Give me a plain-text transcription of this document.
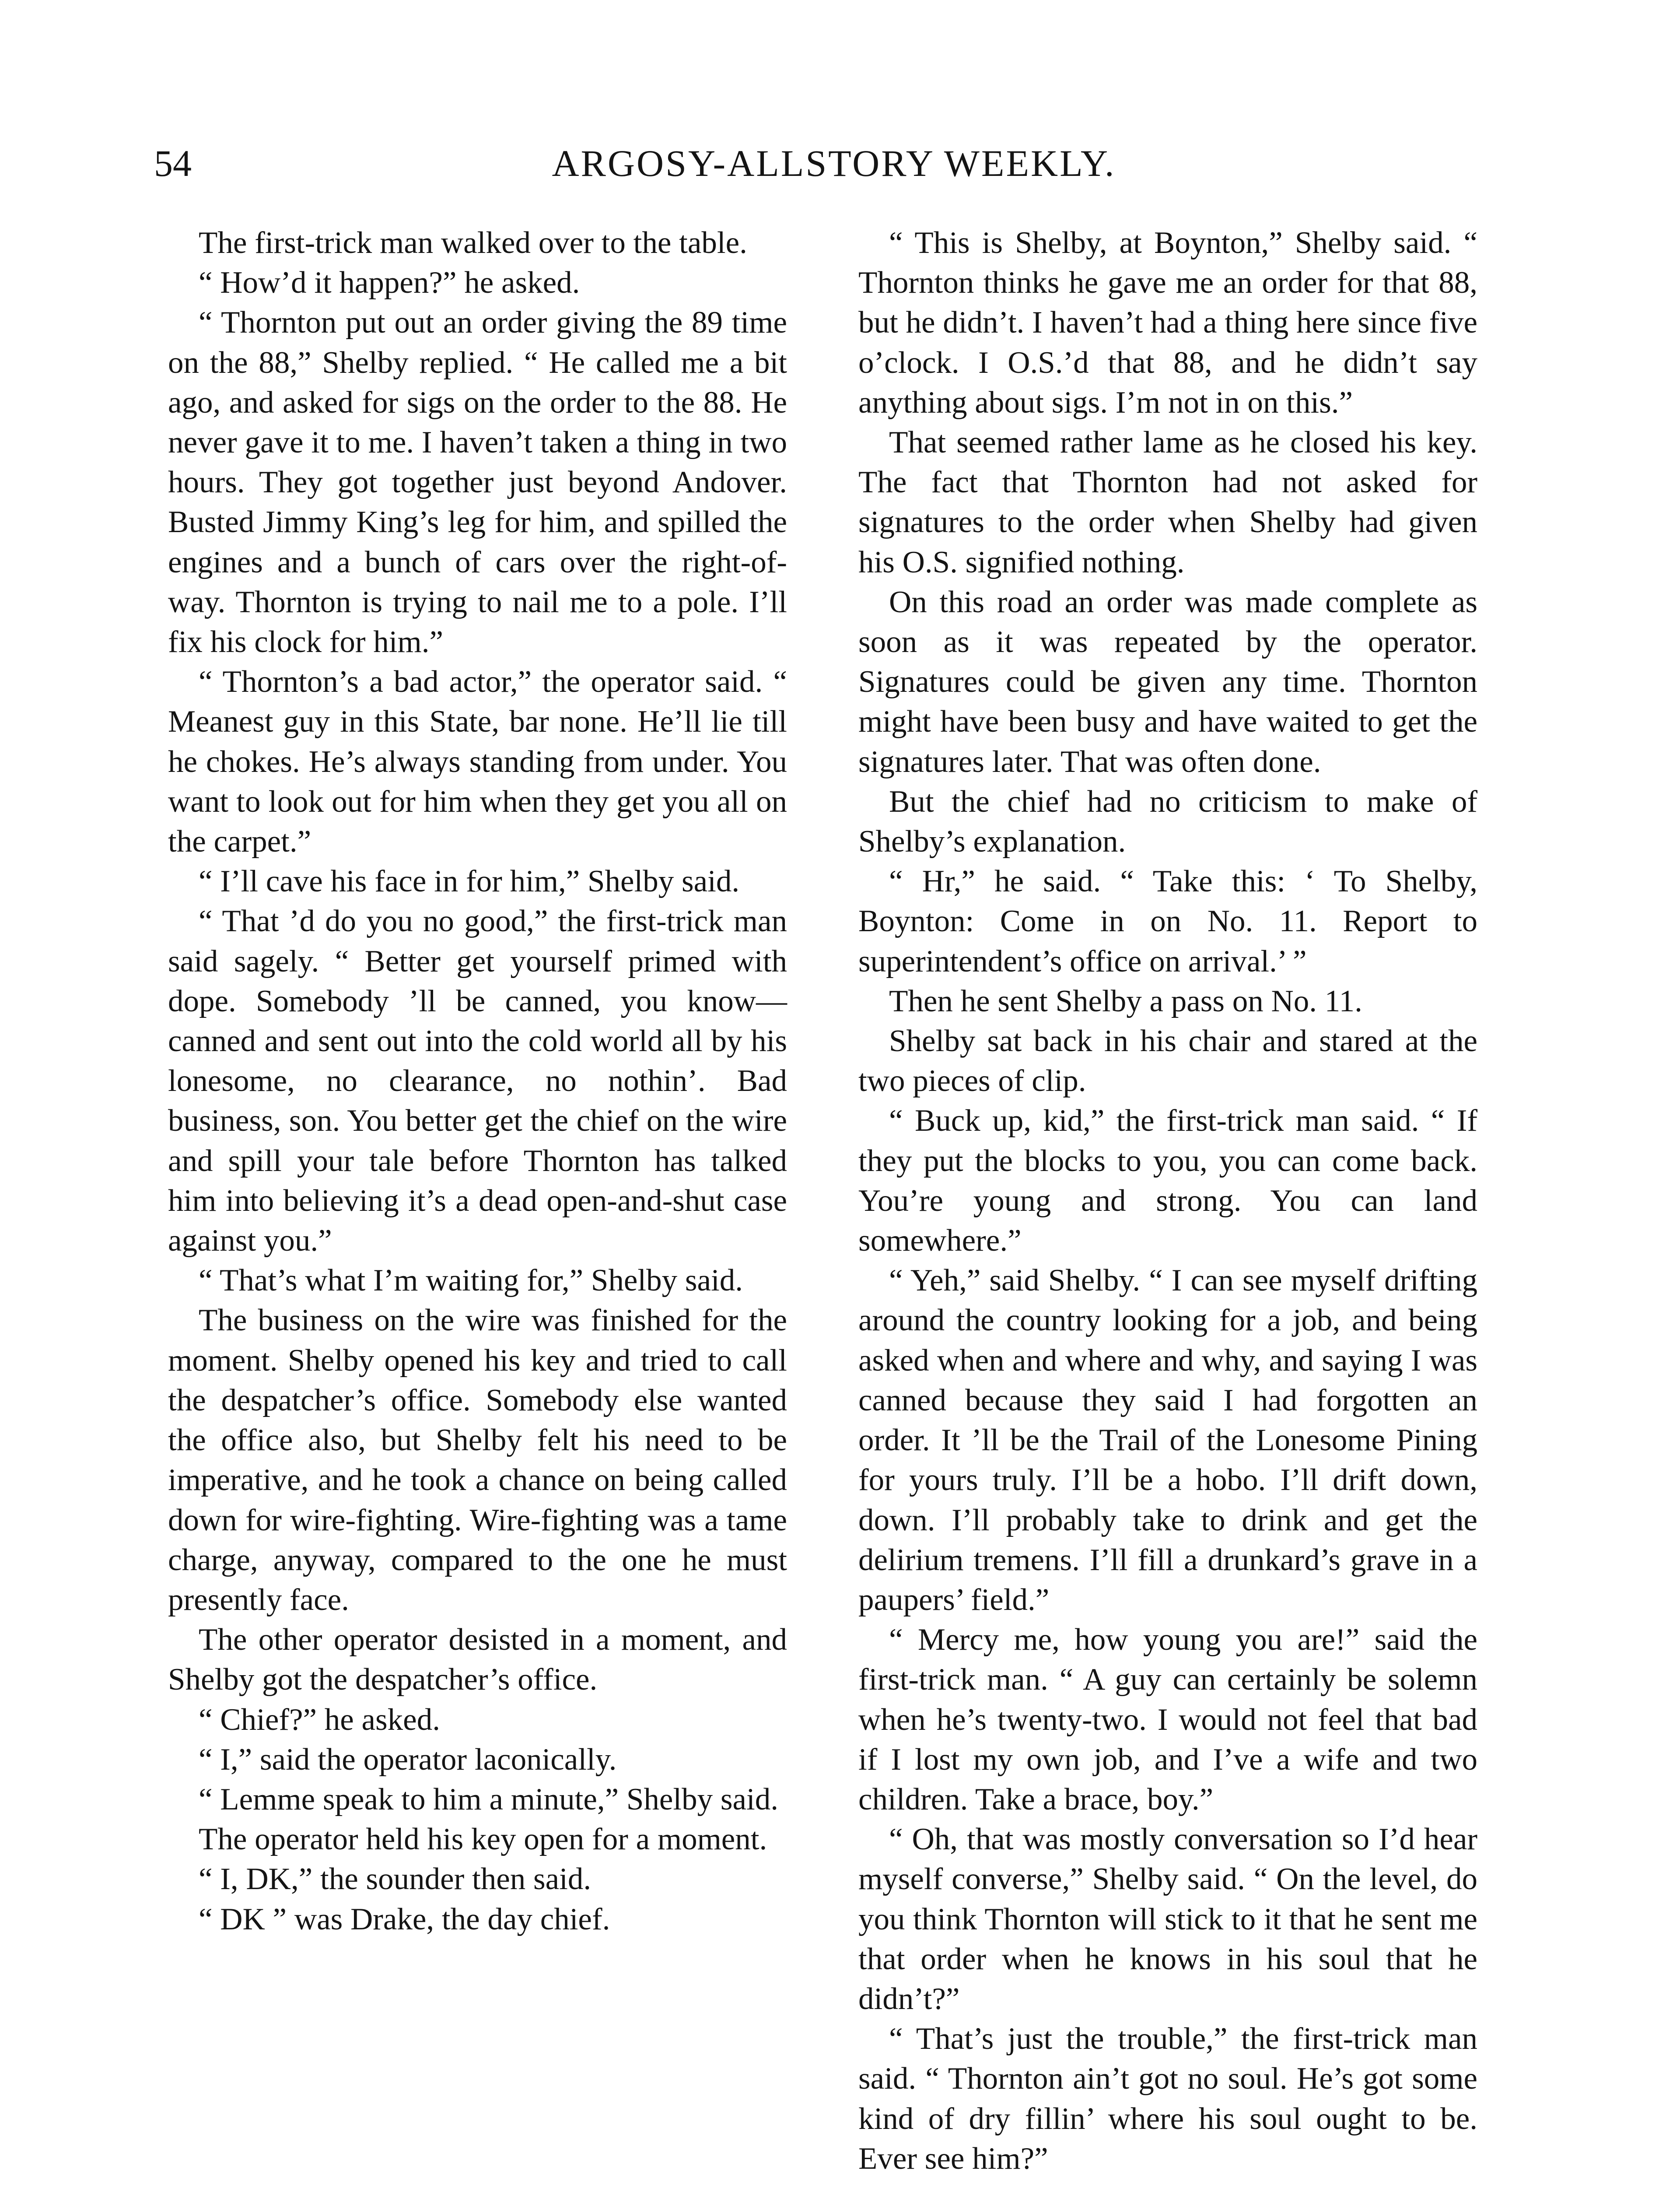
54	ARGOSY-ALLSTORY WEEKLY.

The first-trick man walked over to the table.

“ How’d it happen?” he asked.

“ Thornton put out an order giving the 89 time on the 88,” Shelby replied. “ He called me a bit ago, and asked for sigs on the order to the 88. He never gave it to me. I haven’t taken a thing in two hours. They got together just beyond Andover. Busted Jimmy King’s leg for him, and spilled the engines and a bunch of cars over the right-of-way. Thornton is trying to nail me to a pole. I’ll fix his clock for him.”

“ Thornton’s a bad actor,” the operator said. “ Meanest guy in this State, bar none. He’ll lie till he chokes. He’s always standing from under. You want to look out for him when they get you all on the carpet.”

“ I’ll cave his face in for him,” Shelby said.

“ That ’d do you no good,” the first-trick man said sagely. “ Better get yourself primed with dope. Somebody ’ll be canned, you know—canned and sent out into the cold world all by his lonesome, no clearance, no nothin’. Bad business, son. You better get the chief on the wire and spill your tale before Thornton has talked him into believing it’s a dead open-and-shut case against you.”

“ That’s what I’m waiting for,” Shelby said.

The business on the wire was finished for the moment. Shelby opened his key and tried to call the despatcher’s office. Somebody else wanted the office also, but Shelby felt his need to be imperative, and he took a chance on being called down for wire-fighting. Wire-fighting was a tame charge, anyway, compared to the one he must presently face.

The other operator desisted in a moment, and Shelby got the despatcher’s office.

“ Chief?” he asked.

“ I,” said the operator laconically.

“ Lemme speak to him a minute,” Shelby said.

The operator held his key open for a moment.

“ I, DK,” the sounder then said.

“ DK ” was Drake, the day chief.

“ This is Shelby, at Boynton,” Shelby said. “ Thornton thinks he gave me an order for that 88, but he didn’t. I haven’t had a thing here since five o’clock. I O.S.’d that 88, and he didn’t say anything about sigs. I’m not in on this.”

That seemed rather lame as he closed his key. The fact that Thornton had not asked for signatures to the order when Shelby had given his O.S. signified nothing.

On this road an order was made complete as soon as it was repeated by the operator. Signatures could be given any time. Thornton might have been busy and have waited to get the signatures later. That was often done.

But the chief had no criticism to make of Shelby’s explanation.

“ Hr,” he said. “ Take this: ‘ To Shelby, Boynton: Come in on No. 11. Report to superintendent’s office on arrival.’ ”

Then he sent Shelby a pass on No. 11.

Shelby sat back in his chair and stared at the two pieces of clip.

“ Buck up, kid,” the first-trick man said. “ If they put the blocks to you, you can come back. You’re young and strong. You can land somewhere.”

“ Yeh,” said Shelby. “ I can see myself drifting around the country looking for a job, and being asked when and where and why, and saying I was canned because they said I had forgotten an order. It ’ll be the Trail of the Lonesome Pining for yours truly. I’ll be a hobo. I’ll drift down, down. I’ll probably take to drink and get the delirium tremens. I’ll fill a drunkard’s grave in a paupers’ field.”

“ Mercy me, how young you are!” said the first-trick man. “ A guy can certainly be solemn when he’s twenty-two. I would not feel that bad if I lost my own job, and I’ve a wife and two children. Take a brace, boy.”

“ Oh, that was mostly conversation so I’d hear myself converse,” Shelby said. “ On the level, do you think Thornton will stick to it that he sent me that order when he knows in his soul that he didn’t?”

“ That’s just the trouble,” the first-trick man said. “ Thornton ain’t got no soul. He’s got some kind of dry fillin’ where his soul ought to be. Ever see him?”
